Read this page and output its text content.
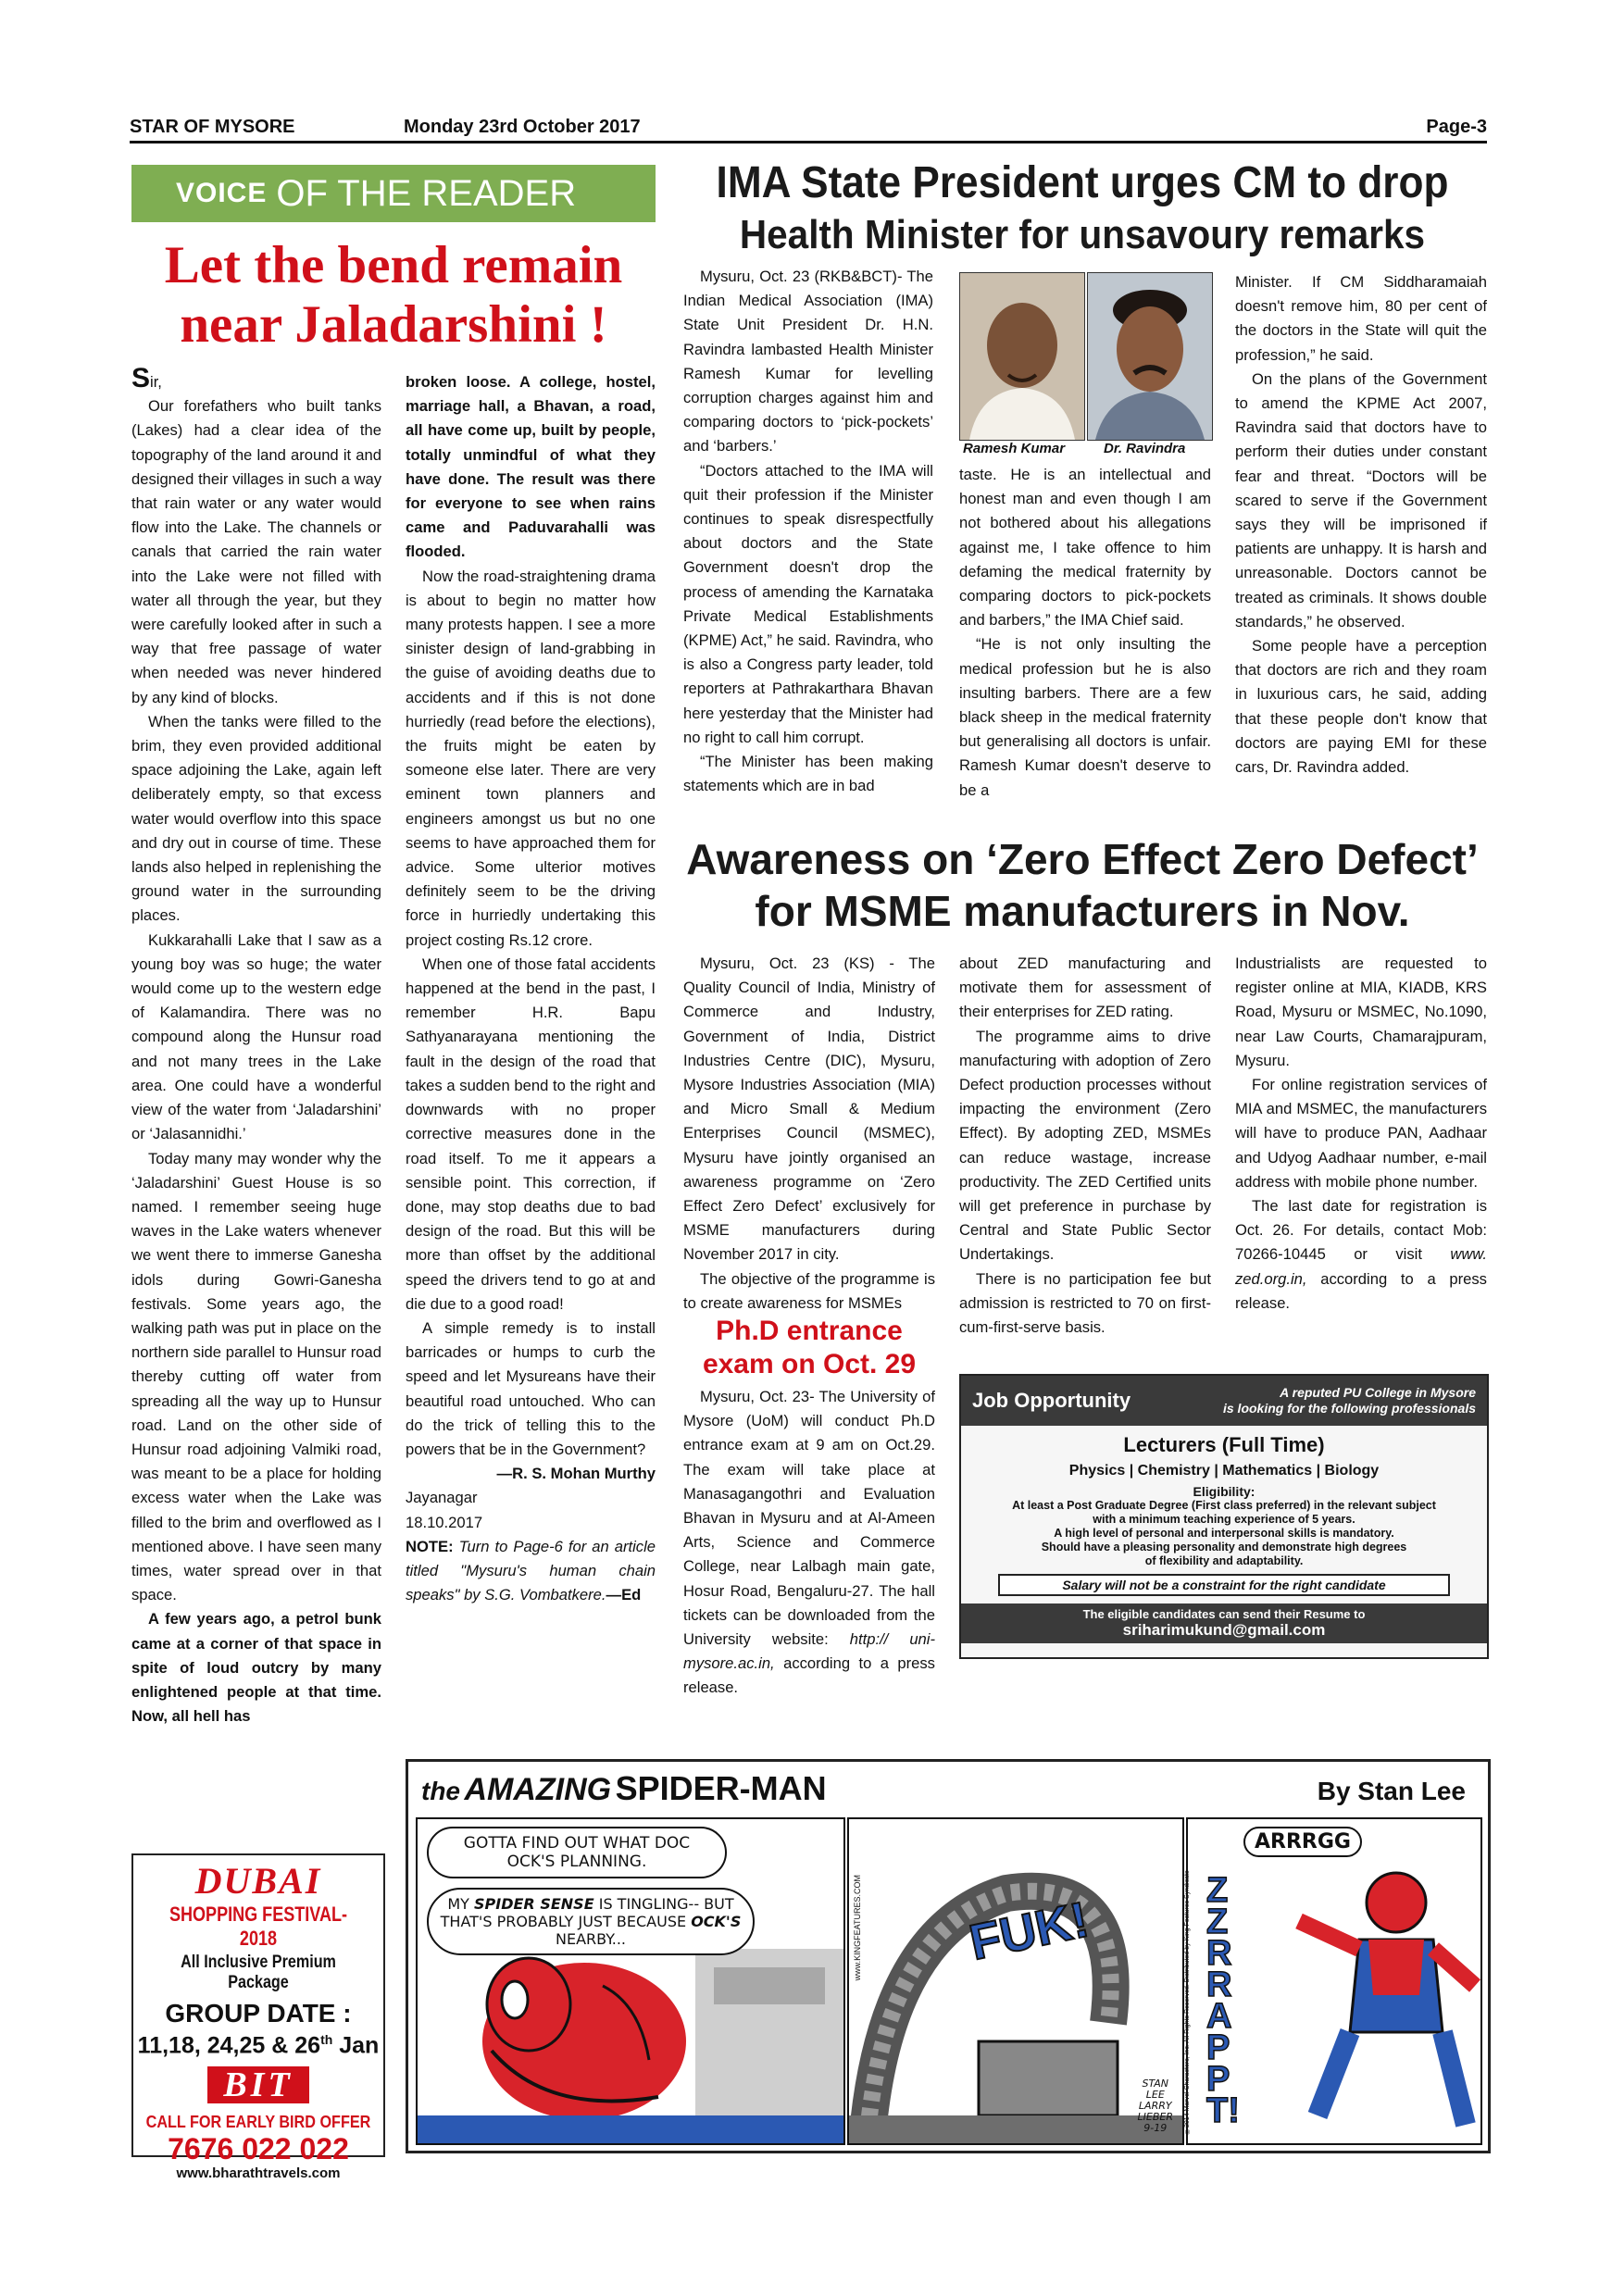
STAR OF MYSORE	Monday 23rd October 2017	Page-3
VOICE OF THE READER
Let the bend remain
near Jaladarshini !

Sir,

Our forefathers who built tanks (Lakes) had a clear idea of the topography of the land around it and designed their villages in such a way that rain water or any water would flow into the Lake. The channels or canals that carried the rain water into the Lake were not filled with water all through the year, but they were carefully looked after in such a way that free passage of water when needed was never hindered by any kind of blocks.

When the tanks were filled to the brim, they even provided additional space adjoining the Lake, again left deliberately empty, so that excess water would overflow into this space and dry out in course of time. These lands also helped in replenishing the ground water in the surrounding places.

Kukkarahalli Lake that I saw as a young boy was so huge; the water would come up to the western edge of Kalamandira. There was no compound along the Hunsur road and not many trees in the Lake area. One could have a wonderful view of the water from ‘Jaladarshini’ or ‘Jalasannidhi.’

Today many may wonder why the ‘Jaladarshini’ Guest House is so named. I remember seeing huge waves in the Lake waters whenever we went there to immerse Ganesha idols during Gowri-Ganesha festivals. Some years ago, the walking path was put in place on the northern side parallel to Hunsur road thereby cutting off water from spreading all the way up to Hunsur road. Land on the other side of Hunsur road adjoining Valmiki road, was meant to be a place for holding excess water when the Lake was filled to the brim and overflowed as I mentioned above. I have seen many times, water spread over in that space.

A few years ago, a petrol bunk came at a corner of that space in spite of loud outcry by many enlightened people at that time. Now, all hell has

broken loose. A college, hostel, marriage hall, a Bhavan, a road, all have come up, built by people, totally unmindful of what they have done. The result was there for everyone to see when rains came and Paduvarahalli was flooded.

Now the road-straightening drama is about to begin no matter how many protests happen. I see a more sinister design of land-grabbing in the guise of avoiding deaths due to accidents and if this is not done hurriedly (read before the elections), the fruits might be eaten by someone else later. There are very eminent town planners and engineers amongst us but no one seems to have approached them for advice. Some ulterior motives definitely seem to be the driving force in hurriedly undertaking this project costing Rs.12 crore.

When one of those fatal accidents happened at the bend in the past, I remember H.R. Bapu Sathyanarayana mentioning the fault in the design of the road that takes a sudden bend to the right and downwards with no proper corrective measures done in the road itself. To me it appears a sensible point. This correction, if done, may stop deaths due to bad design of the road. But this will be more than offset by the additional speed the drivers tend to go at and die due to a good road!

A simple remedy is to install barricades or humps to curb the speed and let Mysureans have their beautiful road untouched. Who can do the trick of telling this to the powers that be in the Government?

—R. S. Mohan Murthy

Jayanagar

18.10.2017

NOTE: Turn to Page-6 for an article titled "Mysuru's human chain speaks" by S.G. Vombatkere.—Ed

DUBAI
SHOPPING FESTIVAL-2018
All Inclusive Premium Package
GROUP DATE :
11,18, 24,25 & 26th Jan
BIT
CALL FOR EARLY BIRD OFFER
7676 022 022
www.bharathtravels.com
IMA State President urges CM to drop
Health Minister for unsavoury remarks

Mysuru, Oct. 23 (RKB&BCT)- The Indian Medical Association (IMA) State Unit President Dr. H.N. Ravindra lambasted Health Minister Ramesh Kumar for levelling corruption charges against him and comparing doctors to ‘pick-pockets’ and ‘barbers.’

“Doctors attached to the IMA will quit their profession if the Minister continues to speak disrespectfully about doctors and the State Government doesn't drop the process of amending the Karnataka Private Medical Establishments (KPME) Act,” he said. Ravindra, who is also a Congress party leader, told reporters at Pathrakarthara Bhavan here yesterday that the Minister had no right to call him corrupt.

“The Minister has been making statements which are in bad

Ramesh Kumar	Dr. Ravindra

taste. He is an intellectual and honest man and even though I am not bothered about his allegations against me, I take offence to him defaming the medical fraternity by comparing doctors to pick-pockets and barbers,” the IMA Chief said.

“He is not only insulting the medical profession but he is also insulting barbers. There are a few black sheep in the medical fraternity but generalising all doctors is unfair. Ramesh Kumar doesn't deserve to be a

Minister. If CM Siddharamaiah doesn't remove him, 80 per cent of the doctors in the State will quit the profession,” he said.

On the plans of the Government to amend the KPME Act 2007, Ravindra said that doctors have to perform their duties under constant fear and threat. “Doctors will be scared to serve if the Government says they will be imprisoned if patients are unhappy. It is harsh and unreasonable. Doctors cannot be treated as criminals. It shows double standards,” he observed.

Some people have a perception that doctors are rich and they roam in luxurious cars, he said, adding that these people don't know that doctors are paying EMI for these cars, Dr. Ravindra added.

Awareness on ‘Zero Effect Zero Defect’
for MSME manufacturers in Nov.

Mysuru, Oct. 23 (KS) - The Quality Council of India, Ministry of Commerce and Industry, Government of India, District Industries Centre (DIC), Mysuru, Mysore Industries Association (MIA) and Micro Small & Medium Enterprises Council (MSMEC), Mysuru have jointly organised an awareness programme on ‘Zero Effect Zero Defect’ exclusively for MSME manufacturers during November 2017 in city.

The objective of the programme is to create awareness for MSMEs

about ZED manufacturing and motivate them for assessment of their enterprises for ZED rating.

The programme aims to drive manufacturing with adoption of Zero Defect production processes without impacting the environment (Zero Effect). By adopting ZED, MSMEs can reduce wastage, increase productivity. The ZED Certified units will get preference in purchase by Central and State Public Sector Undertakings.

There is no participation fee but admission is restricted to 70 on first-cum-first-serve basis.

Industrialists are requested to register online at MIA, KIADB, KRS Road, Mysuru or MSMEC, No.1090, near Law Courts, Chamarajpuram, Mysuru.

For online registration services of MIA and MSMEC, the manufacturers will have to produce PAN, Aadhaar and Udyog Aadhaar number, e-mail address with mobile phone number.

The last date for registration is Oct. 26. For details, contact Mob: 70266-10445 or visit www. zed.org.in, according to a press release.

Ph.D entrance
exam on Oct. 29

Mysuru, Oct. 23- The University of Mysore (UoM) will conduct Ph.D entrance exam at 9 am on Oct.29. The exam will take place at Manasagangothri and Evaluation Bhavan in Mysuru and at Al-Ameen Arts, Science and Commerce College, near Lalbagh main gate, Hosur Road, Bengaluru-27. The hall tickets can be downloaded from the University website: http:// uni-mysore.ac.in, according to a press release.

Job Opportunity	A reputed PU College in Mysore
is looking for the following professionals
Lecturers (Full Time)
Physics | Chemistry | Mathematics | Biology
Eligibility:
At least a Post Graduate Degree (First class preferred) in the relevant subject
with a minimum teaching experience of 5 years.
A high level of personal and interpersonal skills is mandatory.
Should have a pleasing personality and demonstrate high degrees
of flexibility and adaptability.
Salary will not be a constraint for the right candidate
The eligible candidates can send their Resume to
sriharimukund@gmail.com
the AMAZING SPIDER-MAN	By Stan Lee
GOTTA FIND OUT WHAT DOC OCK'S PLANNING.
MY SPIDER SENSE IS TINGLING-- BUT THAT'S PROBABLY JUST BECAUSE OCK'S NEARBY...	FUK!
STAN
LEE
LARRY
LIEBER
9-19
www.KINGFEATURES.COM
ARRRGG
ZZRRAPPT!
©2014 Marvel Characters, Inc. All Rights Reserved. Distributed by King Features Syndicate
